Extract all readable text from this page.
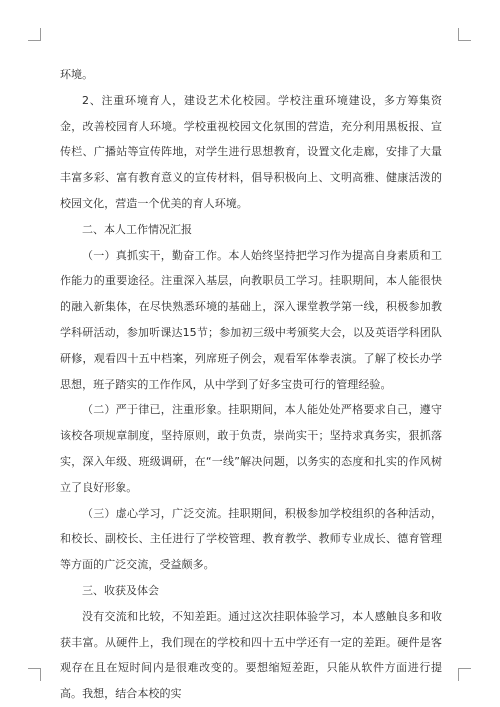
环境。

2、注重环境育人，建设艺术化校园。学校注重环境建设，多方筹集资金，改善校园育人环境。学校重视校园文化氛围的营造，充分利用黑板报、宣传栏、广播站等宣传阵地，对学生进行思想教育，设置文化走廊，安排了大量丰富多彩、富有教育意义的宣传材料，倡导积极向上、文明高雅、健康活泼的校园文化，营造一个优美的育人环境。

二、本人工作情况汇报

（一）真抓实干，勤奋工作。本人始终坚持把学习作为提高自身素质和工作能力的重要途径。注重深入基层，向教职员工学习。挂职期间，本人能很快的融入新集体，在尽快熟悉环境的基础上，深入课堂教学第一线，积极参加教学科研活动，参加听课达15节；参加初三级中考颁奖大会，以及英语学科团队研修，观看四十五中档案，列席班子例会，观看军体拳表演。了解了校长办学思想，班子踏实的工作作风，从中学到了好多宝贵可行的管理经验。

（二）严于律已，注重形象。挂职期间，本人能处处严格要求自己，遵守该校各项规章制度，坚持原则，敢于负责，崇尚实干；坚持求真务实，狠抓落实，深入年级、班级调研，在“一线”解决问题，以务实的态度和扎实的作风树立了良好形象。

（三）虚心学习，广泛交流。挂职期间，积极参加学校组织的各种活动，和校长、副校长、主任进行了学校管理、教育教学、教师专业成长、德育管理等方面的广泛交流，受益颇多。

三、收获及体会

没有交流和比较，不知差距。通过这次挂职体验学习，本人感触良多和收获丰富。从硬件上，我们现在的学校和四十五中学还有一定的差距。硬件是客观存在且在短时间内是很难改变的。要想缩短差距，只能从软件方面进行提高。我想，结合本校的实
